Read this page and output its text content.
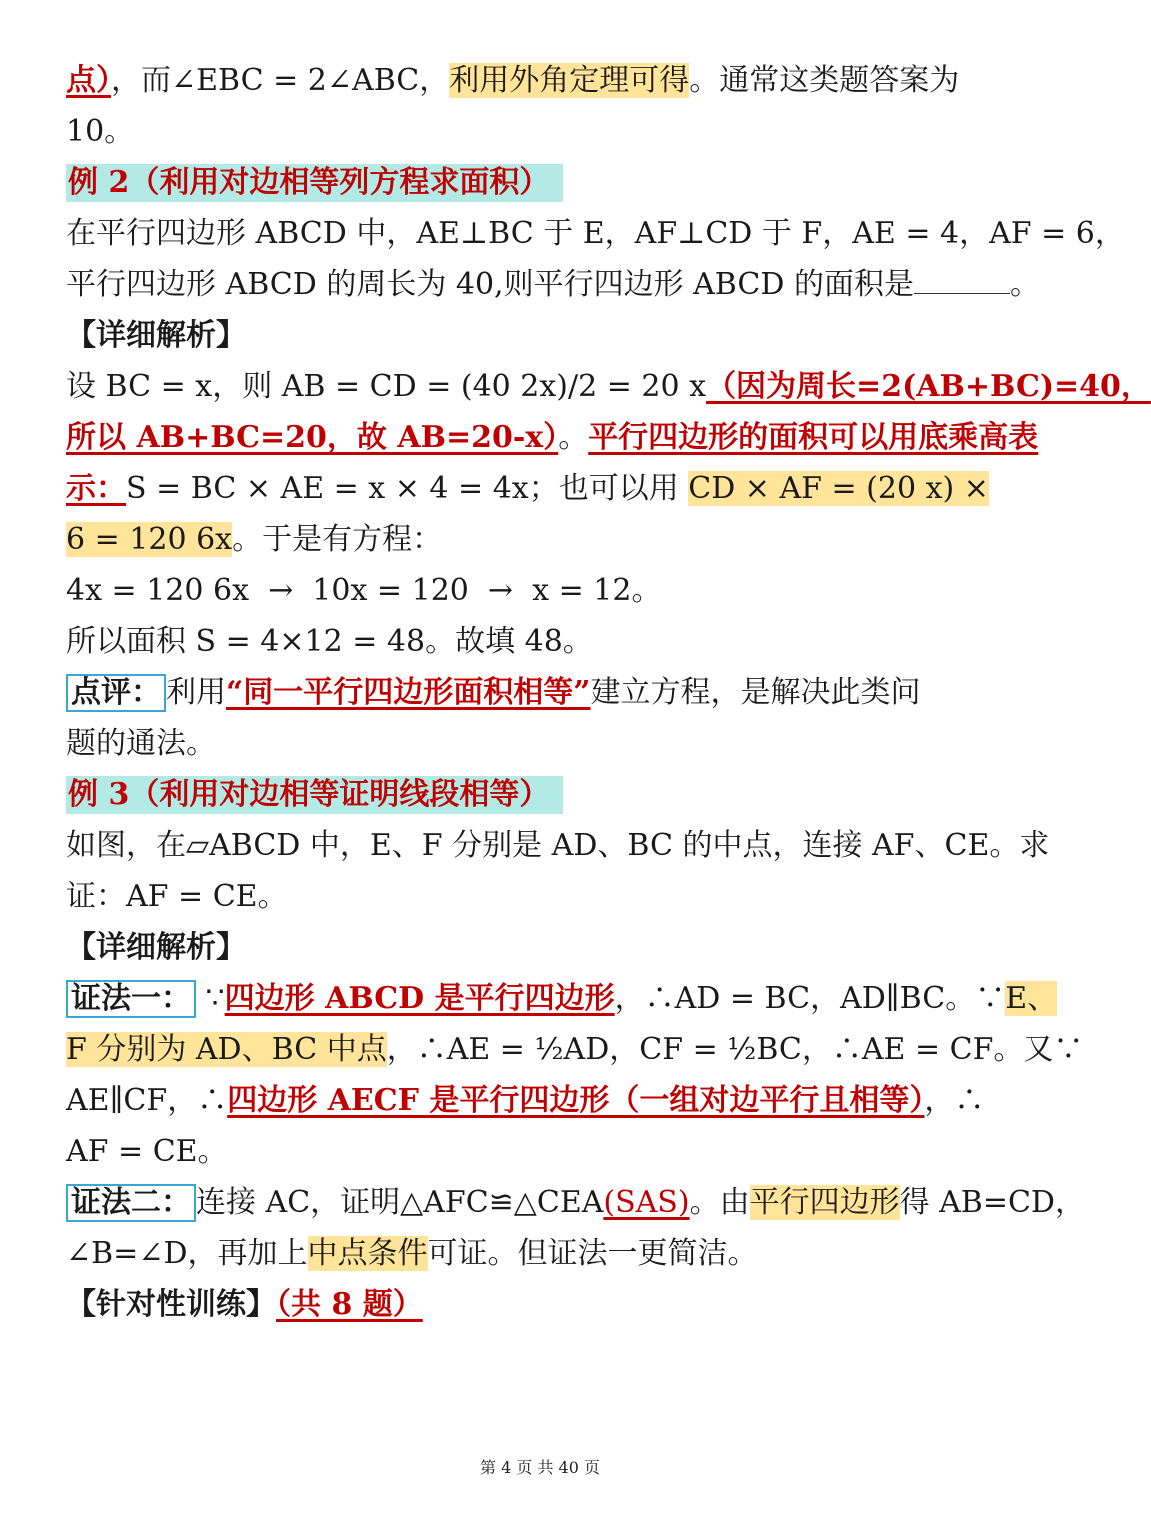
点），而∠EBC = 2∠ABC，利用外角定理可得。通常这类题答案为
10。
例 2（利用对边相等列方程求面积）
在平行四边形 ABCD 中，AE⊥BC 于 E，AF⊥CD 于 F，AE = 4，AF = 6，
平行四边形 ABCD 的周长为 40,则平行四边形 ABCD 的面积是	。
【详细解析】
设 BC = x，则 AB = CD = (40 2x)/2 = 20 x（因为周长=2(AB+BC)=40，
所以 AB+BC=20，故 AB=20-x）。平行四边形的面积可以用底乘高表
示：S = BC × AE = x × 4 = 4x；也可以用 CD × AF = (20 x) ×
6 = 120 6x。于是有方程：
4x = 120 6x  →  10x = 120  →  x = 12。
所以面积 S = 4×12 = 48。故填 48。
点评： 利用“同一平行四边形面积相等”建立方程，是解决此类问
题的通法。
例 3（利用对边相等证明线段相等）
如图，在▱ABCD 中，E、F 分别是 AD、BC 的中点，连接 AF、CE。求
证：AF = CE。
【详细解析】
证法一： ∵四边形 ABCD 是平行四边形，∴AD = BC，AD∥BC。∵E、
F 分别为 AD、BC 中点，∴AE = ½AD，CF = ½BC，∴AE = CF。又∵
AE∥CF，∴四边形 AECF 是平行四边形（一组对边平行且相等），∴
AF = CE。
证法二： 连接 AC，证明△AFC≌△CEA(SAS)。由平行四边形得 AB=CD，
∠B=∠D，再加上中点条件可证。但证法一更简洁。
【针对性训练】（共 8 题）
第 4 页 共 40 页
